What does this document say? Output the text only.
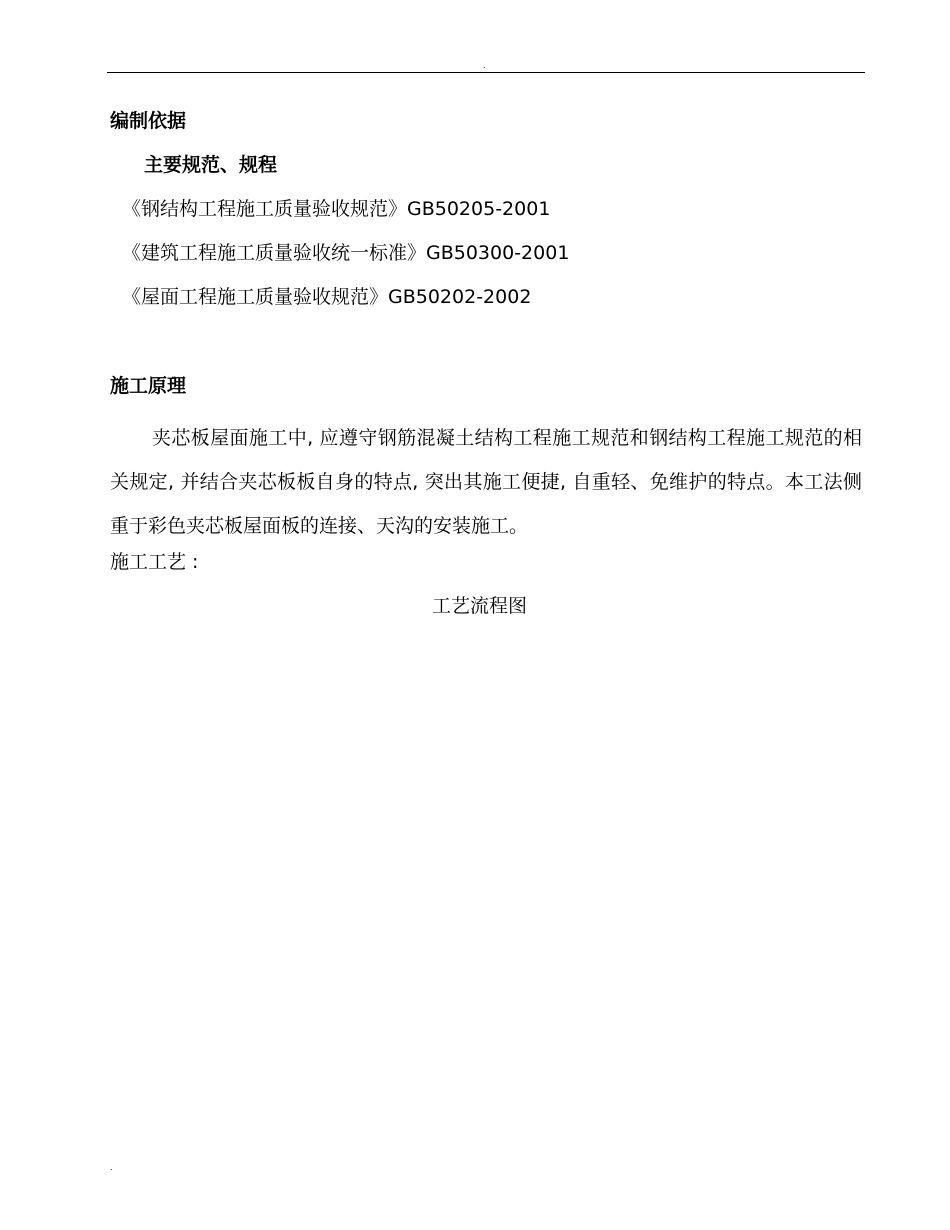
.
编制依据
主要规范、规程
《钢结构工程施工质量验收规范》GB50205-2001
《建筑工程施工质量验收统一标准》GB50300-2001
《屋面工程施工质量验收规范》GB50202-2002
施工原理
夹芯板屋面施工中, 应遵守钢筋混凝土结构工程施工规范和钢结构工程施工规范的相关规定, 并结合夹芯板板自身的特点, 突出其施工便捷, 自重轻、免维护的特点。本工法侧重于彩色夹芯板屋面板的连接、天沟的安装施工。
施工工艺 :
工艺流程图
.
